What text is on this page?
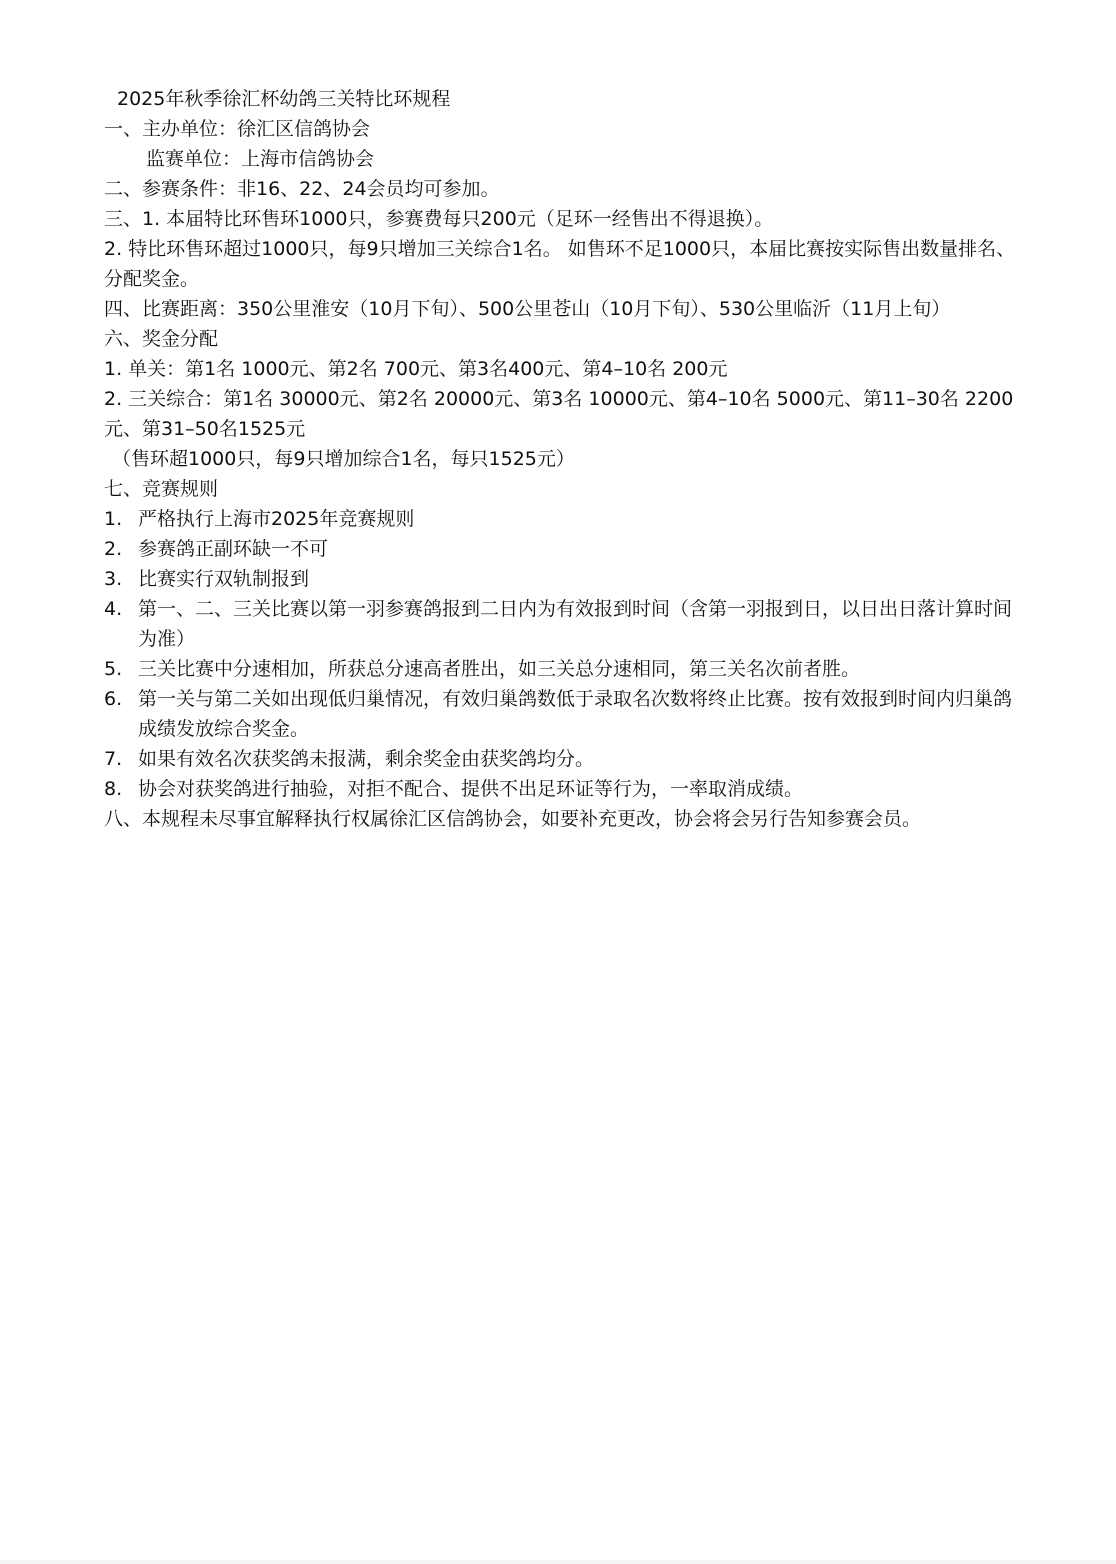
2025年秋季徐汇杯幼鸽三关特比环规程
一、主办单位：徐汇区信鸽协会
监赛单位：上海市信鸽协会
二、参赛条件：非16、22、24会员均可参加。
三、1. 本届特比环售环1000只，参赛费每只200元（足环一经售出不得退换）。
2. 特比环售环超过1000只，每9只增加三关综合1名。 如售环不足1000只，本届比赛按实际售出数量排名、分配奖金。
四、比赛距离：350公里淮安（10月下旬）、500公里苍山（10月下旬）、530公里临沂（11月上旬）
六、奖金分配
1. 单关：第1名 1000元、第2名 700元、第3名400元、第4–10名 200元
2. 三关综合：第1名 30000元、第2名 20000元、第3名 10000元、第4–10名 5000元、第11–30名 2200元、第31–50名1525元
（售环超1000只，每9只增加综合1名，每只1525元）
七、竞赛规则
1. 严格执行上海市2025年竞赛规则
2. 参赛鸽正副环缺一不可
3. 比赛实行双轨制报到
4. 第一、二、三关比赛以第一羽参赛鸽报到二日内为有效报到时间（含第一羽报到日，以日出日落计算时间为准）
5. 三关比赛中分速相加，所获总分速高者胜出，如三关总分速相同，第三关名次前者胜。
6. 第一关与第二关如出现低归巢情况，有效归巢鸽数低于录取名次数将终止比赛。按有效报到时间内归巢鸽成绩发放综合奖金。
7. 如果有效名次获奖鸽未报满，剩余奖金由获奖鸽均分。
8. 协会对获奖鸽进行抽验，对拒不配合、提供不出足环证等行为，一率取消成绩。
八、本规程未尽事宜解释执行权属徐汇区信鸽协会，如要补充更改，协会将会另行告知参赛会员。
